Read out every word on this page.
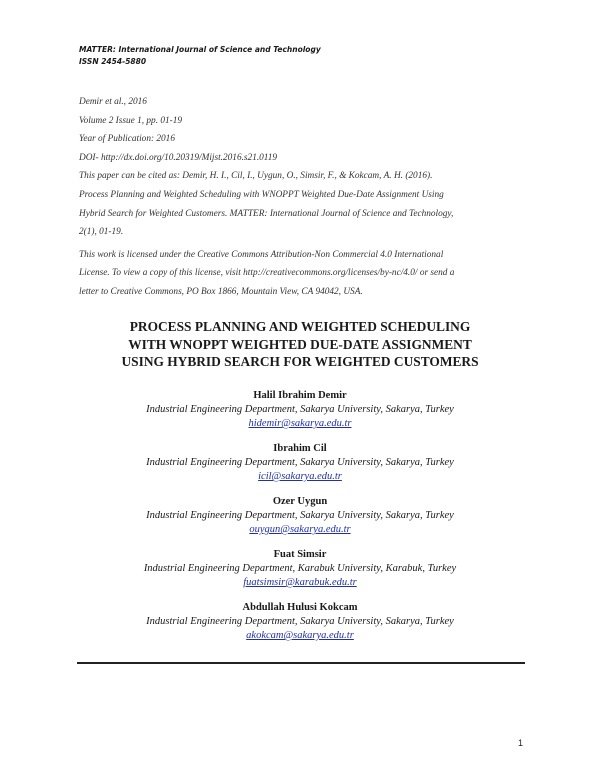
MATTER: International Journal of Science and Technology
ISSN 2454-5880
Demir et al., 2016
Volume 2 Issue 1, pp. 01-19
Year of Publication: 2016
DOI- http://dx.doi.org/10.20319/Mijst.2016.s21.0119
This paper can be cited as: Demir, H. I., Cil, I., Uygun, O., Simsir, F., & Kokcam, A. H. (2016).
Process Planning and Weighted Scheduling with WNOPPT Weighted Due-Date Assignment Using
Hybrid Search for Weighted Customers. MATTER: International Journal of Science and Technology,
2(1), 01-19.
This work is licensed under the Creative Commons Attribution-Non Commercial 4.0 International
License. To view a copy of this license, visit http://creativecommons.org/licenses/by-nc/4.0/ or send a
letter to Creative Commons, PO Box 1866, Mountain View, CA 94042, USA.
PROCESS PLANNING AND WEIGHTED SCHEDULING
WITH WNOPPT WEIGHTED DUE-DATE ASSIGNMENT
USING HYBRID SEARCH FOR WEIGHTED CUSTOMERS
Halil Ibrahim Demir
Industrial Engineering Department, Sakarya University, Sakarya, Turkey
hidemir@sakarya.edu.tr
Ibrahim Cil
Industrial Engineering Department, Sakarya University, Sakarya, Turkey
icil@sakarya.edu.tr
Ozer Uygun
Industrial Engineering Department, Sakarya University, Sakarya, Turkey
ouygun@sakarya.edu.tr
Fuat Simsir
Industrial Engineering Department, Karabuk University, Karabuk, Turkey
fuatsimsir@karabuk.edu.tr
Abdullah Hulusi Kokcam
Industrial Engineering Department, Sakarya University, Sakarya, Turkey
akokcam@sakarya.edu.tr
1
